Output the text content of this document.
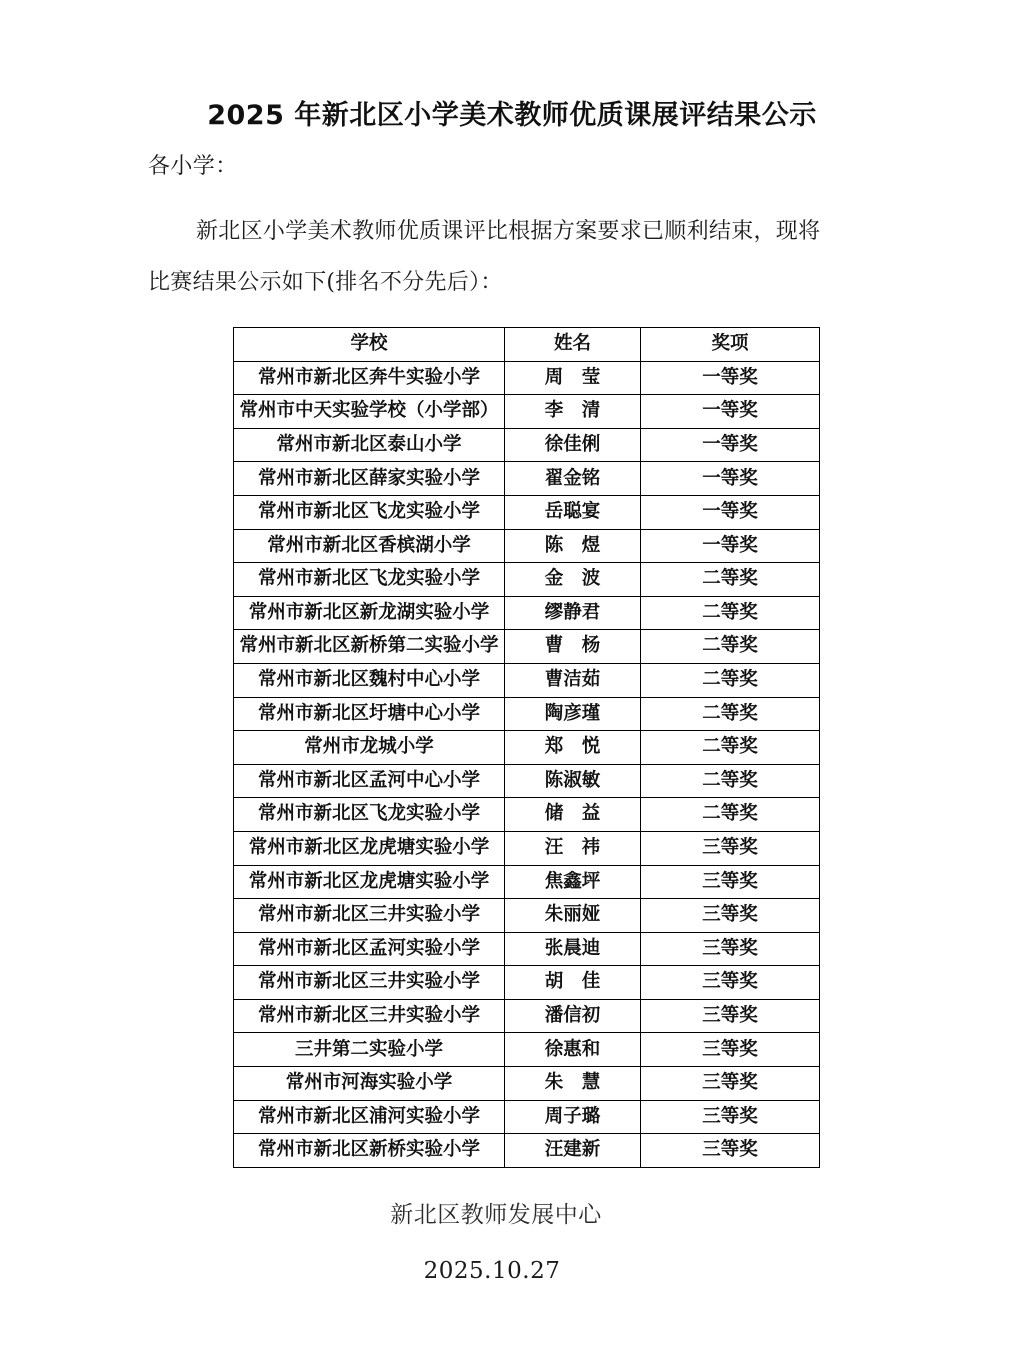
2025 年新北区小学美术教师优质课展评结果公示
各小学：
新北区小学美术教师优质课评比根据方案要求已顺利结束，现将
比赛结果公示如下(排名不分先后）：
学校	姓名	奖项
常州市新北区奔牛实验小学	周　莹	一等奖
常州市中天实验学校（小学部）	李　清	一等奖
常州市新北区泰山小学	徐佳俐	一等奖
常州市新北区薛家实验小学	翟金铭	一等奖
常州市新北区飞龙实验小学	岳聪宴	一等奖
常州市新北区香槟湖小学	陈　煜	一等奖
常州市新北区飞龙实验小学	金　波	二等奖
常州市新北区新龙湖实验小学	缪静君	二等奖
常州市新北区新桥第二实验小学	曹　杨	二等奖
常州市新北区魏村中心小学	曹洁茹	二等奖
常州市新北区圩塘中心小学	陶彦瑾	二等奖
常州市龙城小学	郑　悦	二等奖
常州市新北区孟河中心小学	陈淑敏	二等奖
常州市新北区飞龙实验小学	储　益	二等奖
常州市新北区龙虎塘实验小学	汪　祎	三等奖
常州市新北区龙虎塘实验小学	焦鑫坪	三等奖
常州市新北区三井实验小学	朱丽娅	三等奖
常州市新北区孟河实验小学	张晨迪	三等奖
常州市新北区三井实验小学	胡　佳	三等奖
常州市新北区三井实验小学	潘信初	三等奖
三井第二实验小学	徐惠和	三等奖
常州市河海实验小学	朱　慧	三等奖
常州市新北区浦河实验小学	周子璐	三等奖
常州市新北区新桥实验小学	汪建新	三等奖
新北区教师发展中心
2025.10.27
